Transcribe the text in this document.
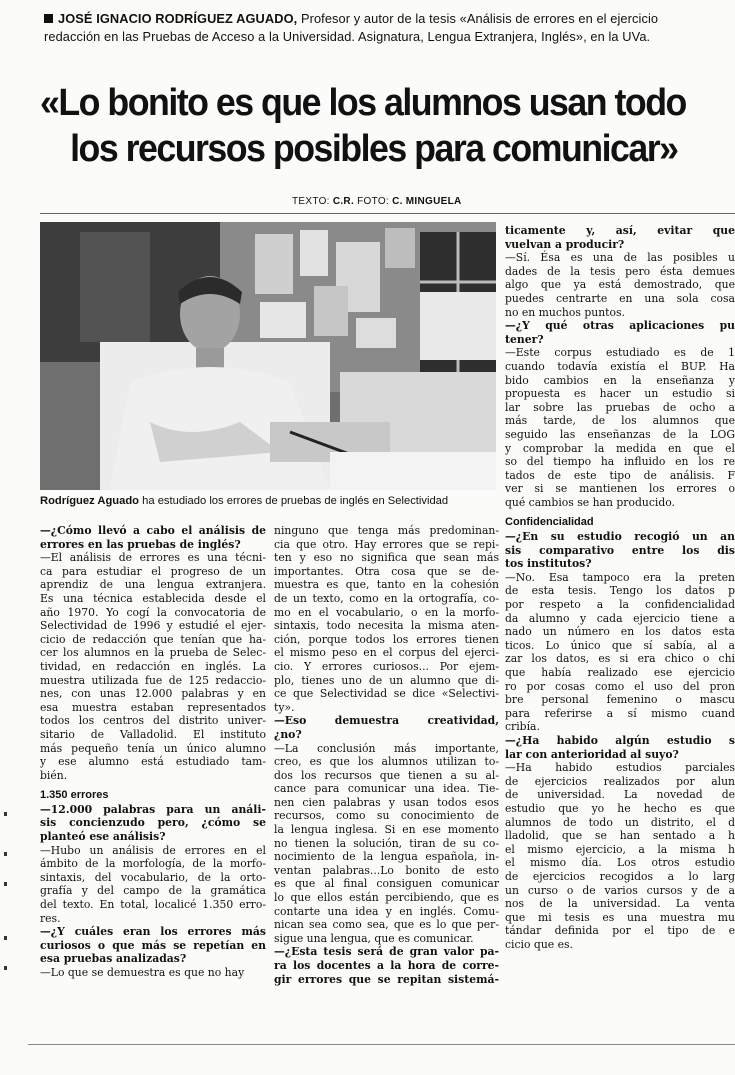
JOSÉ IGNACIO RODRÍGUEZ AGUADO, Profesor y autor de la tesis «Análisis de errores en el ejercicio
redacción en las Pruebas de Acceso a la Universidad. Asignatura, Lengua Extranjera, Inglés», en la UVa.
«Lo bonito es que los alumnos usan todo
los recursos posibles para comunicar»
TEXTO: C.R. FOTO: C. MINGUELA
Rodríguez Aguado ha estudiado los errores de pruebas de inglés en Selectividad

—¿Cómo llevó a cabo el análisis de

errores en las pruebas de inglés?

—El análisis de errores es una técni-

ca para estudiar el progreso de un

aprendiz de una lengua extranjera.

Es una técnica establecida desde el

año 1970. Yo cogí la convocatoria de

Selectividad de 1996 y estudié el ejer-

cicio de redacción que tenían que ha-

cer los alumnos en la prueba de Selec-

tividad, en redacción en inglés. La

muestra utilizada fue de 125 redaccio-

nes, con unas 12.000 palabras y en

esa muestra estaban representados

todos los centros del distrito univer-

sitario de Valladolid. El instituto

más pequeño tenía un único alumno

y ese alumno está estudiado tam-

bién.

1.350 errores

—12.000 palabras para un análi-

sis concienzudo pero, ¿cómo se

planteó ese análisis?

—Hubo un análisis de errores en el

ámbito de la morfología, de la morfo-

sintaxis, del vocabulario, de la orto-

grafía y del campo de la gramática

del texto. En total, localicé 1.350 erro-

res.

—¿Y cuáles eran los errores más

curiosos o que más se repetían en

esa pruebas analizadas?

—Lo que se demuestra es que no hay

ninguno que tenga más predominan-

cia que otro. Hay errores que se repi-

ten y eso no significa que sean más

importantes. Otra cosa que se de-

muestra es que, tanto en la cohesión

de un texto, como en la ortografía, co-

mo en el vocabulario, o en la morfo-

sintaxis, todo necesita la misma aten-

ción, porque todos los errores tienen

el mismo peso en el corpus del ejerci-

cio. Y errores curiosos... Por ejem-

plo, tienes uno de un alumno que di-

ce que Selectividad se dice «Selectivi-

ty».

—Eso demuestra creatividad,

¿no?

—La conclusión más importante,

creo, es que los alumnos utilizan to-

dos los recursos que tienen a su al-

cance para comunicar una idea. Tie-

nen cien palabras y usan todos esos

recursos, como su conocimiento de

la lengua inglesa. Si en ese momento

no tienen la solución, tiran de su co-

nocimiento de la lengua española, in-

ventan palabras...Lo bonito de esto

es que al final consiguen comunicar

lo que ellos están percibiendo, que es

contarte una idea y en inglés. Comu-

nican sea como sea, que es lo que per-

sigue una lengua, que es comunicar.

—¿Esta tesis será de gran valor pa-

ra los docentes a la hora de corre-

gir errores que se repitan sistemá-

ticamente y, así, evitar que

vuelvan a producir?

—Sí. Ésa es una de las posibles u

dades de la tesis pero ésta demues

algo que ya está demostrado, que

puedes centrarte en una sola cosa

no en muchos puntos.

—¿Y qué otras aplicaciones pu

tener?

—Este corpus estudiado es de 1

cuando todavía existía el BUP. Ha

bido cambios en la enseñanza y

propuesta es hacer un estudio si

lar sobre las pruebas de ocho a

más tarde, de los alumnos que

seguido las enseñanzas de la LOG

y comprobar la medida en que el

so del tiempo ha influido en los re

tados de este tipo de análisis. F

ver si se mantienen los errores o

qué cambios se han producido.

Confidencialidad

—¿En su estudio recogió un an

sis comparativo entre los dis

tos institutos?

—No. Esa tampoco era la preten

de esta tesis. Tengo los datos p

por respeto a la confidencialidad

da alumno y cada ejercicio tiene a

nado un número en los datos esta

ticos. Lo único que sí sabía, al a

zar los datos, es si era chico o chi

que había realizado ese ejercicio

ro por cosas como el uso del pron

bre personal femenino o mascu

para referirse a sí mismo cuand

cribía.

—¿Ha habido algún estudio s

lar con anterioridad al suyo?

—Ha habido estudios parciales

de ejercicios realizados por alun

de universidad. La novedad de

estudio que yo he hecho es que

alumnos de todo un distrito, el d

lladolid, que se han sentado a h

el mismo ejercicio, a la misma h

el mismo día. Los otros estudio

de ejercicios recogidos a lo larg

un curso o de varios cursos y de a

nos de la universidad. La venta

que mi tesis es una muestra mu

tándar definida por el tipo de e

cicio que es.
